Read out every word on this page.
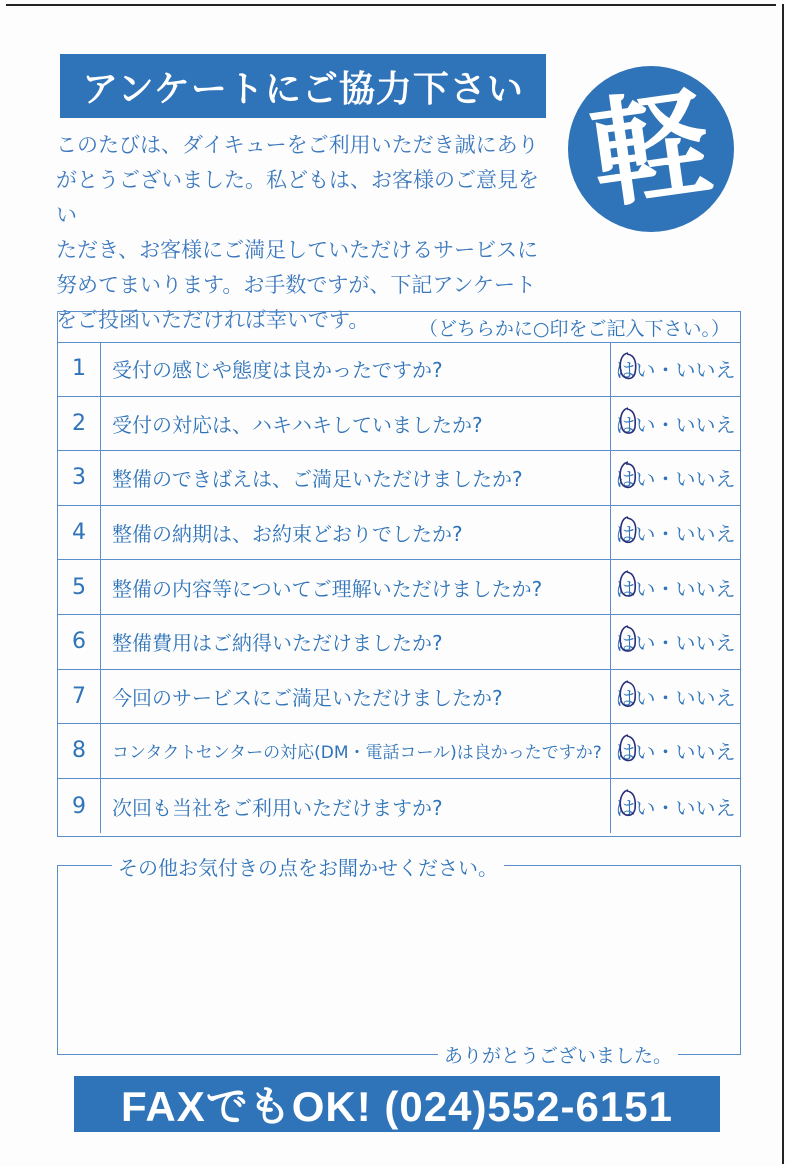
アンケートにご協力下さい 軽
このたびは、ダイキューをご利用いただき誠にあり
がとうございました。私どもは、お客様のご意見をい
ただき、お客様にご満足していただけるサービスに
努めてまいります。お手数ですが、下記アンケート
をご投函いただければ幸いです。	（どちらかに○印をご記入下さい。）
1	受付の感じや態度は良かったですか?	はい・いいえ
2	受付の対応は、ハキハキしていましたか?	はい・いいえ
3	整備のできばえは、ご満足いただけましたか?	はい・いいえ
4	整備の納期は、お約束どおりでしたか?	はい・いいえ
5	整備の内容等についてご理解いただけましたか?	はい・いいえ
6	整備費用はご納得いただけましたか?	はい・いいえ
7	今回のサービスにご満足いただけましたか?	はい・いいえ
8	コンタクトセンターの対応(DM・電話コール)は良かったですか? はい・いいえ
9	次回も当社をご利用いただけますか?	はい・いいえ
その他お気付きの点をお聞かせください。
ありがとうございました。
FAXでもOK! (024)552-6151
